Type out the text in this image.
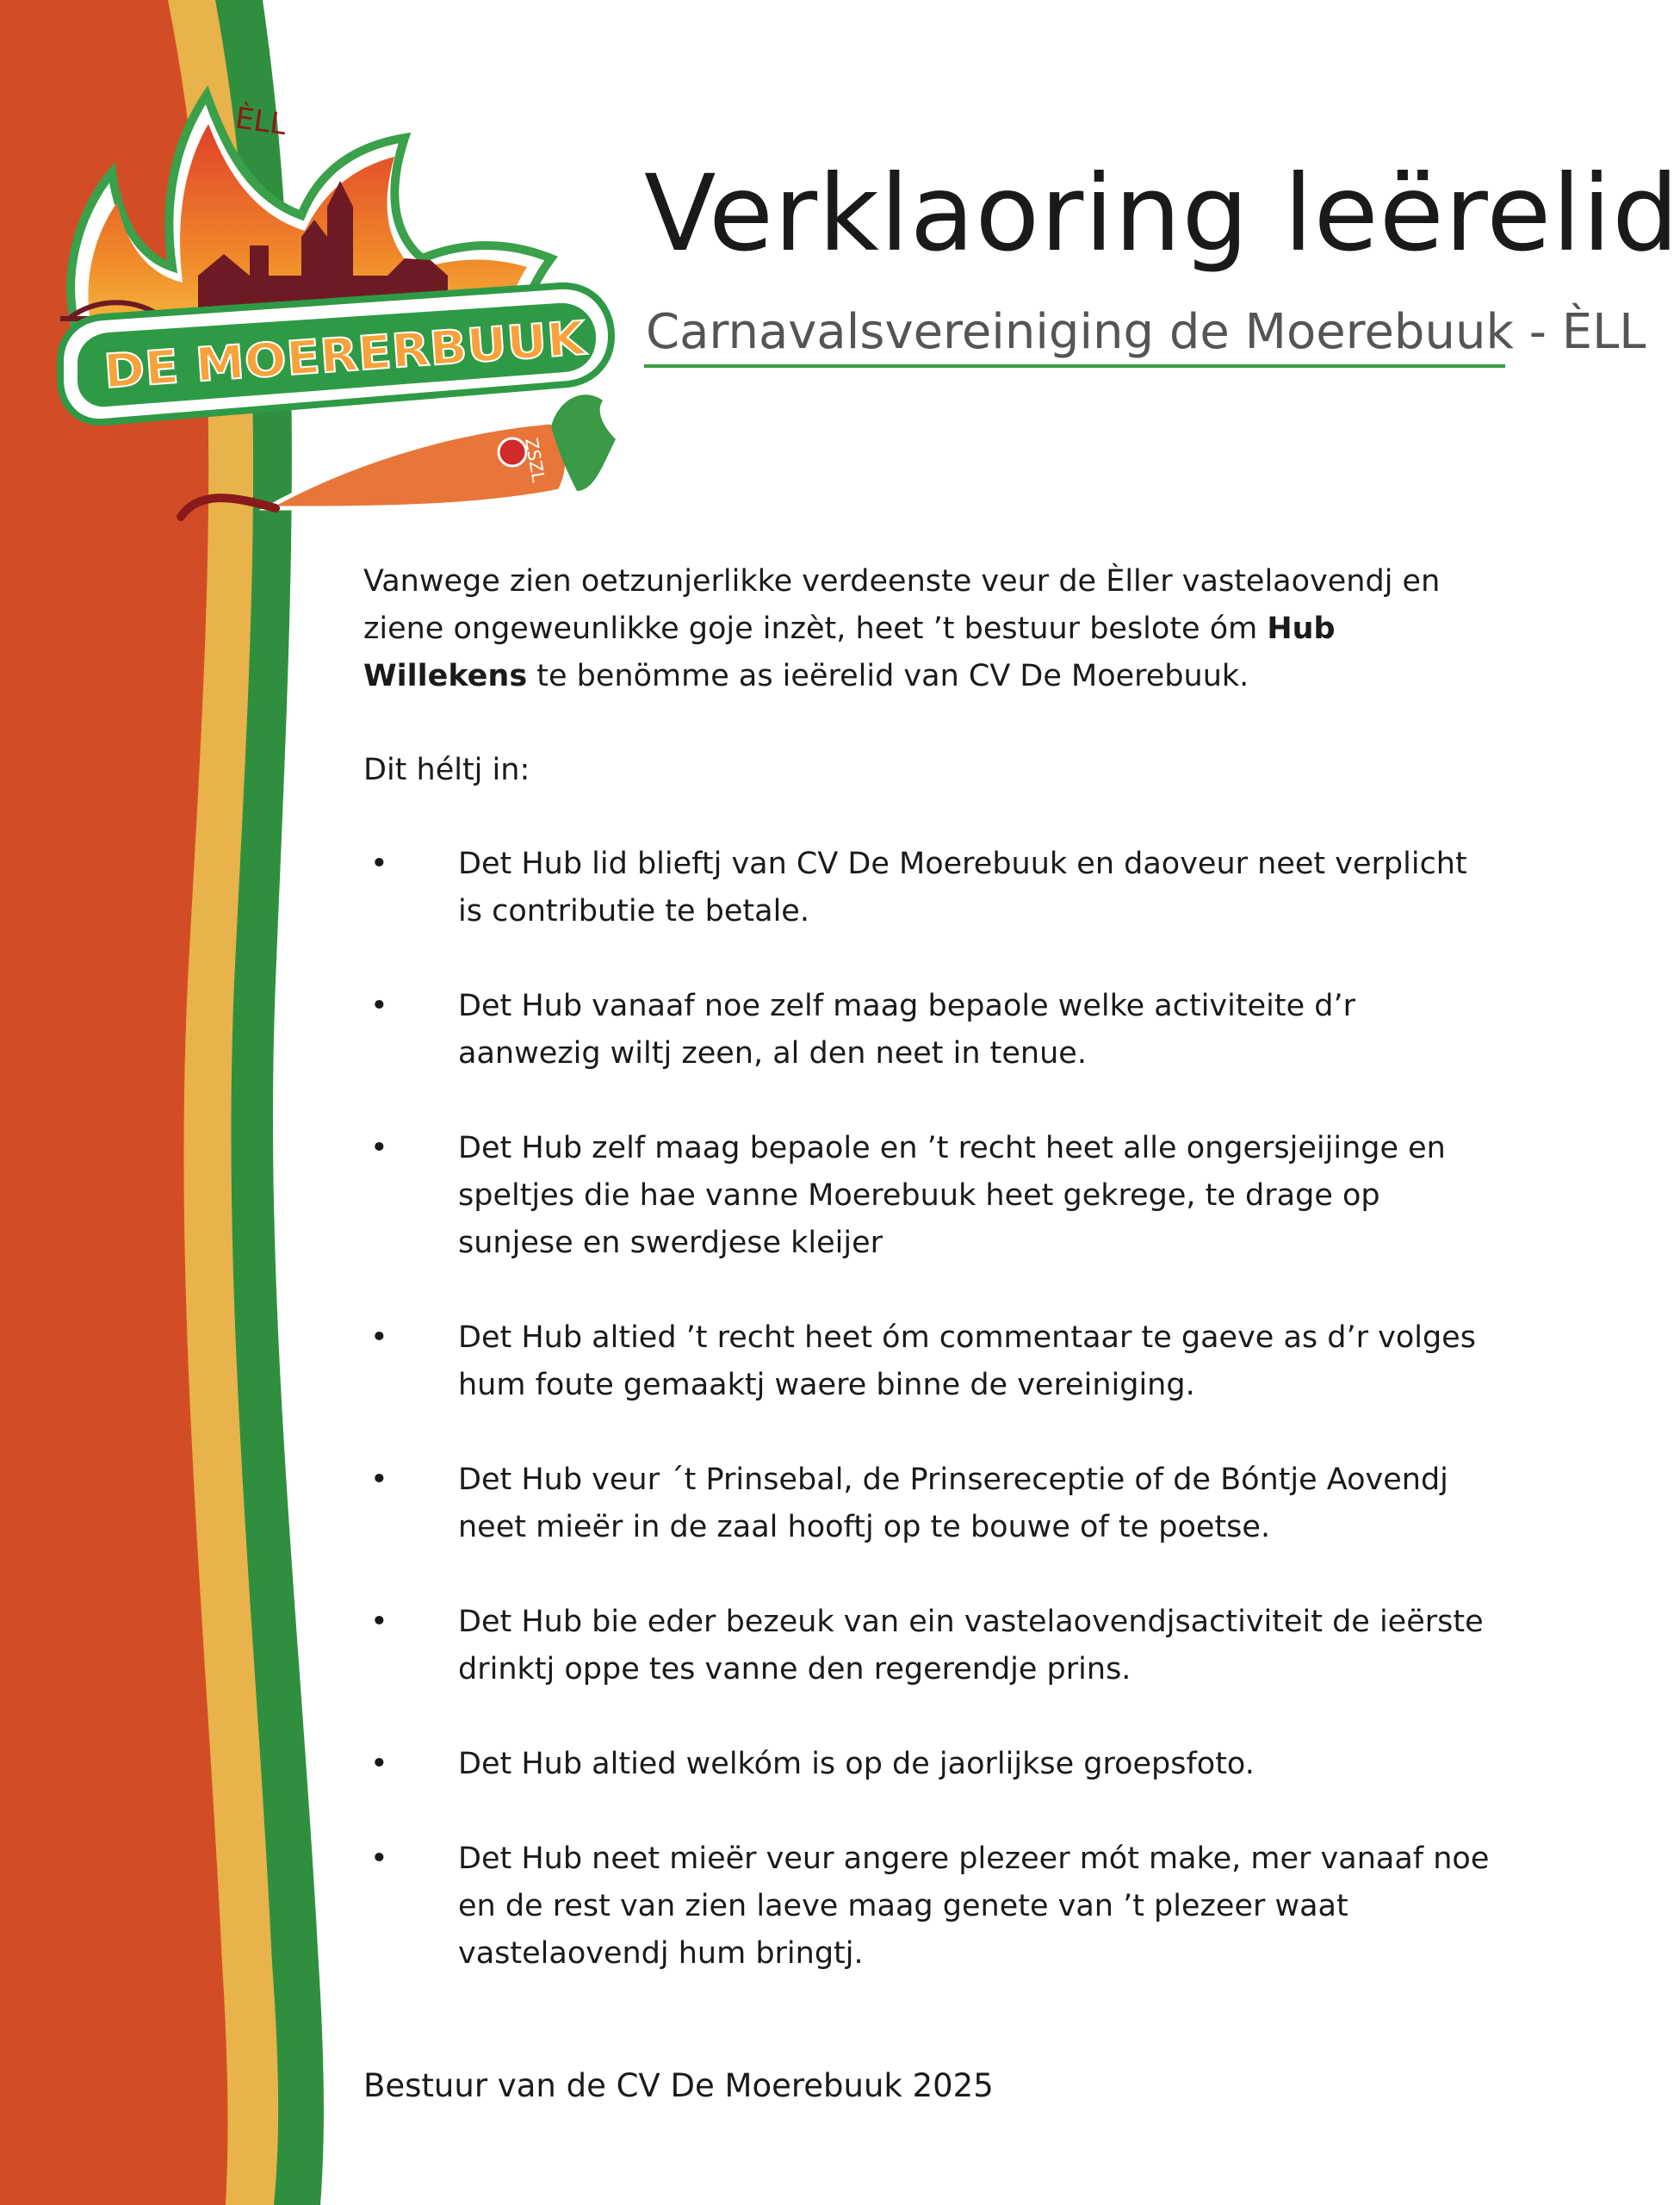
ÈLL
DE MOERERBUUK
ZSZL
Verklaoring leërelid
Carnavalsvereiniging de Moerebuuk - ÈLL

Vanwege zien oetzunjerlikke verdeenste veur de Èller vastelaovendj en ziene ongeweunlikke goje inzèt, heet ’t bestuur beslote óm Hub Willekens te benömme as ieërelid van CV De Moerebuuk.

Dit héltj in:

•	Det Hub lid blieftj van CV De Moerebuuk en daoveur neet verplicht is contributie te betale.
•	Det Hub vanaaf noe zelf maag bepaole welke activiteite d’r aanwezig wiltj zeen, al den neet in tenue.
•	Det Hub zelf maag bepaole en ’t recht heet alle ongersjeijinge en speltjes die hae vanne Moerebuuk heet gekrege, te drage op sunjese en swerdjese kleijer
•	Det Hub altied ’t recht heet óm commentaar te gaeve as d’r volges hum foute gemaaktj waere binne de vereiniging.
•	Det Hub veur ´t Prinsebal, de Prinsereceptie of de Bóntje Aovendj neet mieër in de zaal hooftj op te bouwe of te poetse.
•	Det Hub bie eder bezeuk van ein vastelaovendjsactiviteit de ieërste drinktj oppe tes vanne den regerendje prins.
•	Det Hub altied welkóm is op de jaorlijkse groepsfoto.
•	Det Hub neet mieër veur angere plezeer mót make, mer vanaaf noe en de rest van zien laeve maag genete van ’t plezeer waat vastelaovendj hum bringtj.
Bestuur van de CV De Moerebuuk 2025
